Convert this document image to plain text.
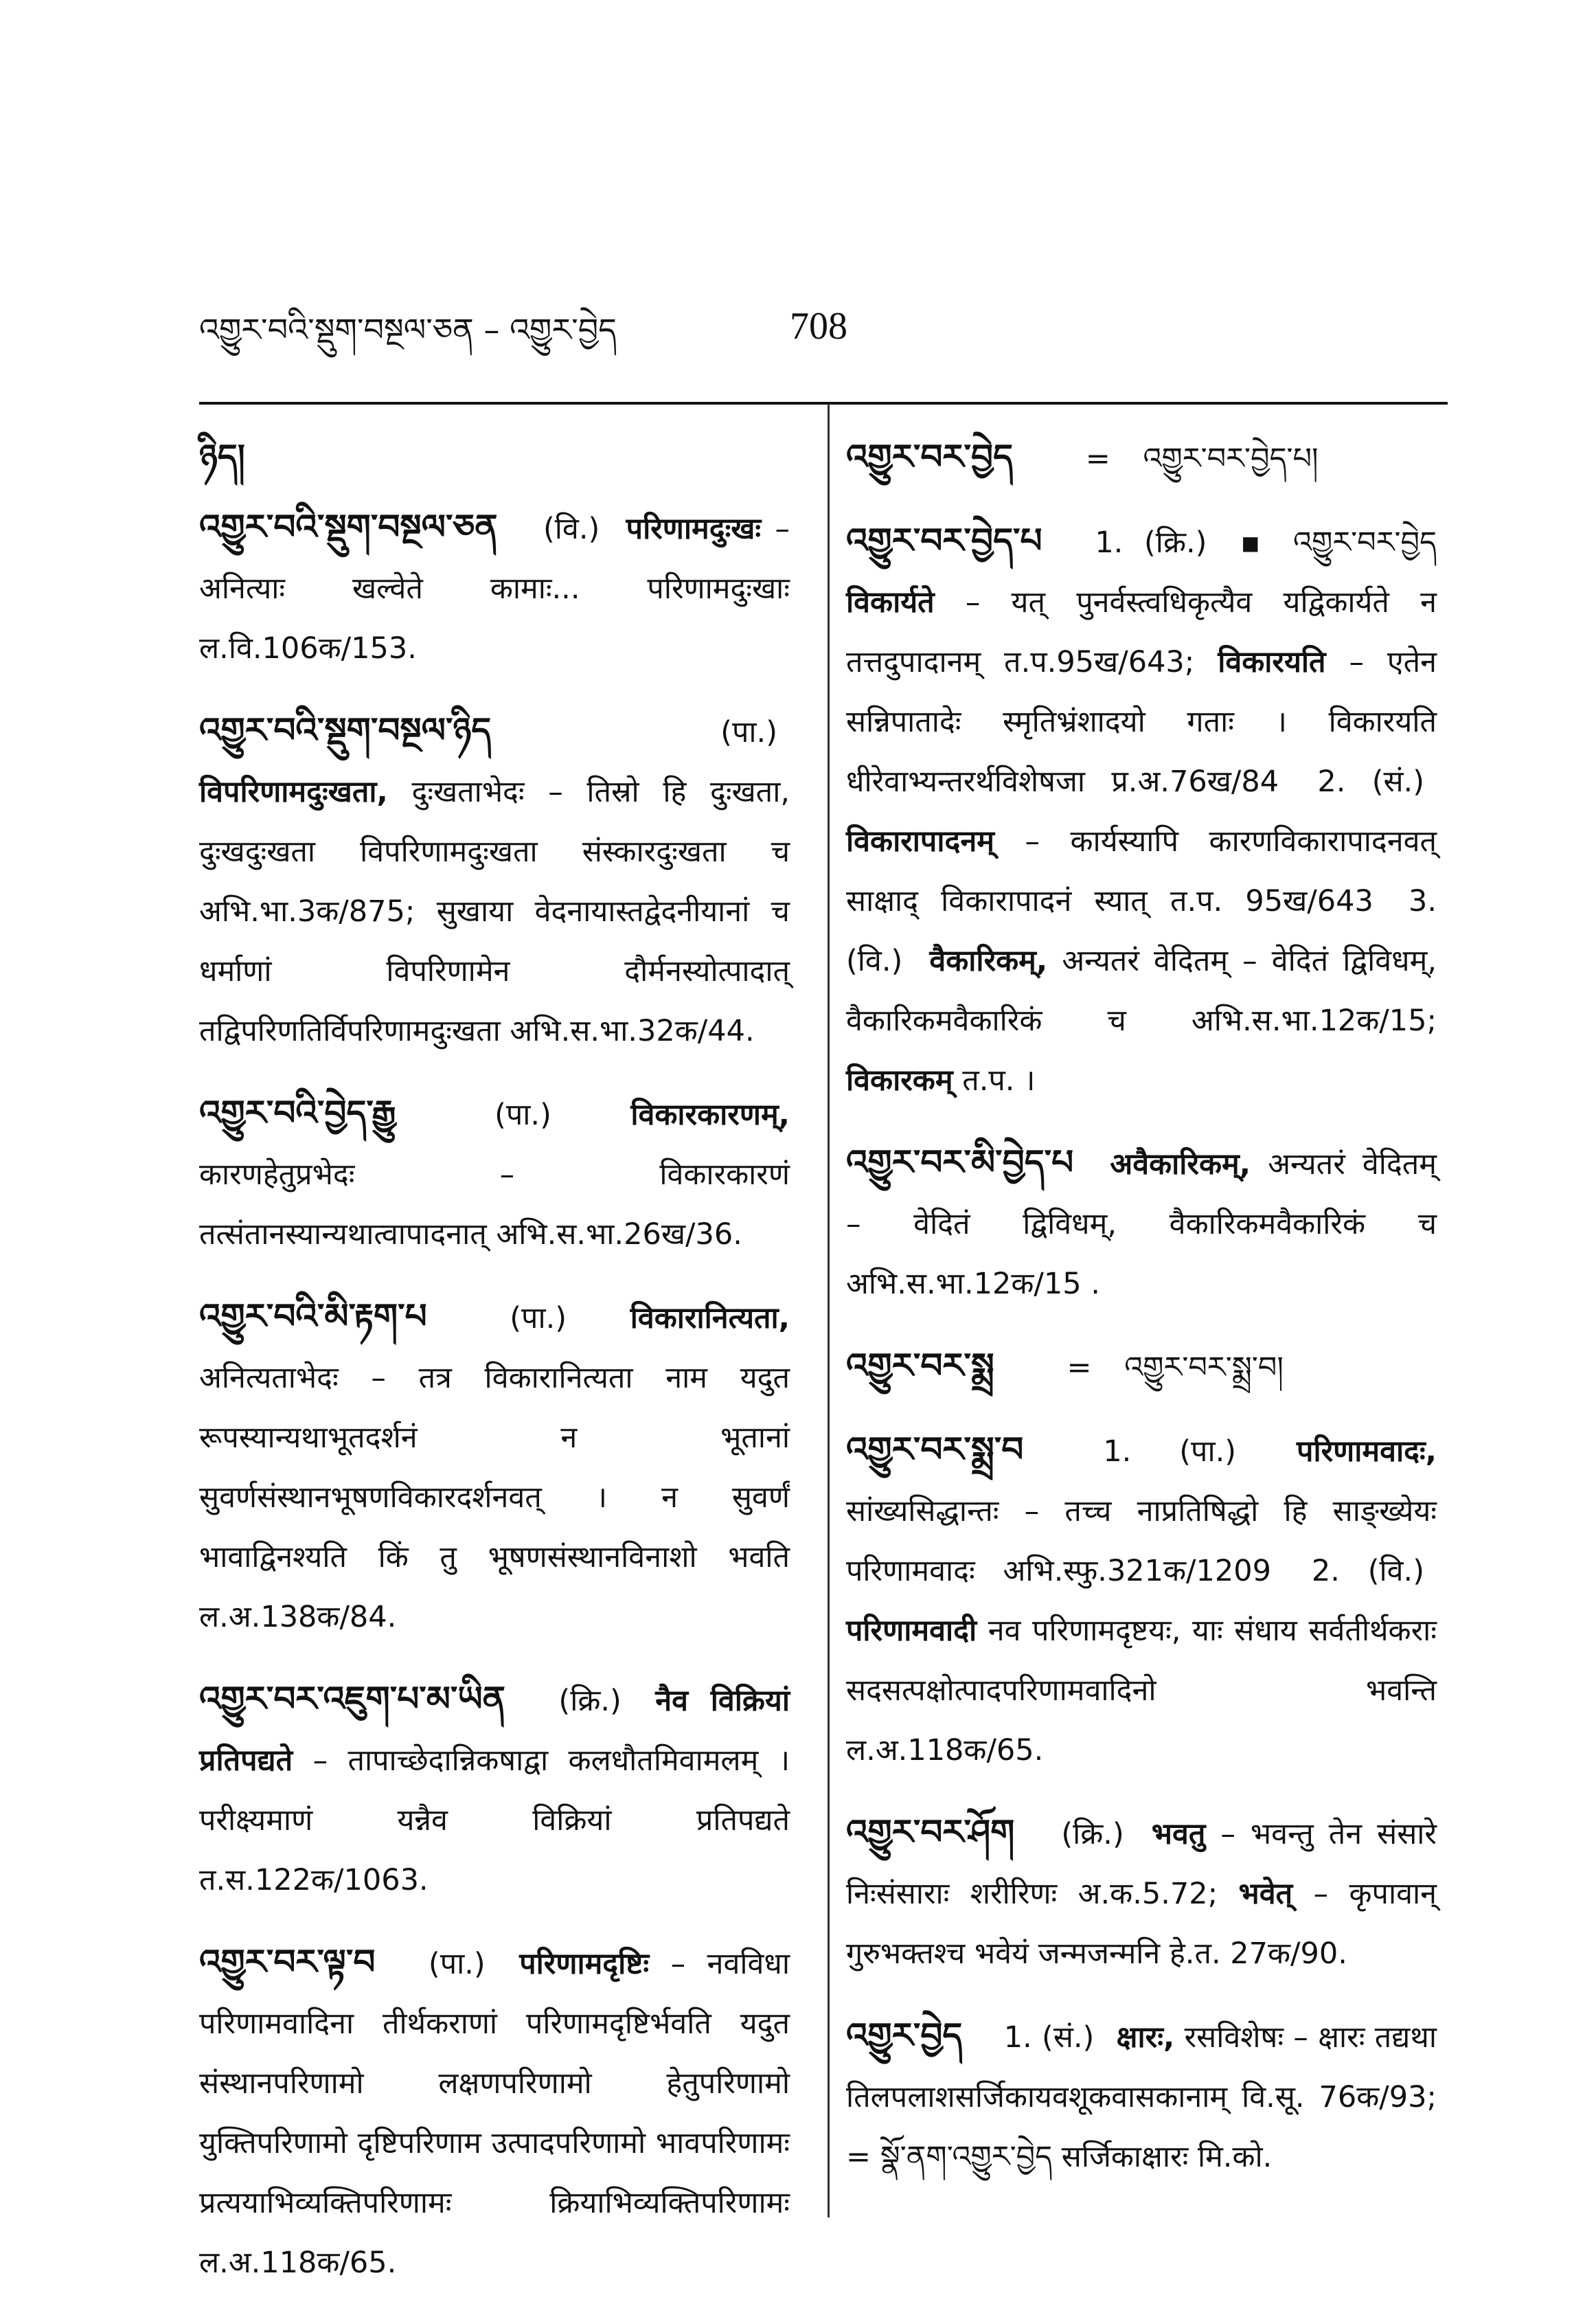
འགྱུར་བའི་སྡུག་བསྔལ་ཅན – འགྱུར་བྱེད	708
ཉིད།
འགྱུར་བའི་སྡུག་བསྔལ་ཅན (वि.) परिणामदुःखः – अनित्याः खल्वेते कामाः... परिणामदुःखाः ल.वि.106क/153.
འགྱུར་བའི་སྡུག་བསྔལ་ཉིད	(पा.) विपरिणामदुःखता, दुःखताभेदः – तिस्रो हि दुःखता, दुःखदुःखता विपरिणामदुःखता संस्कारदुःखता च अभि.भा.3क/875; सुखाया वेदनायास्तद्वेदनीयानां च धर्माणां विपरिणामेन दौर्मनस्योत्पादात् तद्विपरिणतिर्विपरिणामदुःखता अभि.स.भा.32क/44.
འགྱུར་བའི་བྱེད་རྒྱུ	(पा.)	विकारकारणम्, कारणहेतुप्रभेदः – विकारकारणं तत्संतानस्यान्यथात्वापादनात् अभि.स.भा.26ख/36.
འགྱུར་བའི་མི་རྟག་པ	(पा.) विकारानित्यता, अनित्यताभेदः – तत्र विकारानित्यता नाम यदुत रूपस्यान्यथाभूतदर्शनं न भूतानां सुवर्णसंस्थानभूषणविकारदर्शनवत् । न सुवर्णं भावाद्विनश्यति किं तु भूषणसंस्थानविनाशो भवति ल.अ.138क/84.
འགྱུར་བར་འཇུག་པ་མ་ཡིན (क्रि.) नैव विक्रियां प्रतिपद्यते – तापाच्छेदान्निकषाद्वा कलधौतमिवामलम् । परीक्ष्यमाणं यन्नैव विक्रियां प्रतिपद्यते त.स.122क/1063.
འགྱུར་བར་ལྟ་བ (पा.) परिणामदृष्टिः – नवविधा परिणामवादिना तीर्थकराणां परिणामदृष्टिर्भवति यदुत संस्थानपरिणामो लक्षणपरिणामो हेतुपरिणामो युक्तिपरिणामो दृष्टिपरिणाम उत्पादपरिणामो भावपरिणामः प्रत्ययाभिव्यक्तिपरिणामः क्रियाभिव्यक्तिपरिणामः ल.अ.118क/65.
འགྱུར་བར་བྱེད = འགྱུར་བར་བྱེད་པ།
འགྱུར་བར་བྱེད་པ 1. (क्रि.) ▪ འགྱུར་བར་བྱེད विकार्यते – यत् पुनर्वस्त्वधिकृत्यैव यद्विकार्यते न तत्तदुपादानम् त.प.95ख/643; विकारयति – एतेन सन्निपातादेः स्मृतिभ्रंशादयो गताः । विकारयति धीरेवाभ्यन्तरर्थविशेषजा प्र.अ.76ख/84 2. (सं.) विकारापादनम् – कार्यस्यापि कारणविकारापादनवत् साक्षाद् विकारापादनं स्यात् त.प. 95ख/643 3. (वि.) वैकारिकम्, अन्यतरं वेदितम् – वेदितं द्विविधम्, वैकारिकमवैकारिकं च अभि.स.भा.12क/15; विकारकम् त.प. ।
འགྱུར་བར་མི་བྱེད་པ अवैकारिकम्, अन्यतरं वेदितम् – वेदितं द्विविधम्, वैकारिकमवैकारिकं च अभि.स.भा.12क/15 .
འགྱུར་བར་སྨྲ = འགྱུར་བར་སྨྲ་བ།
འགྱུར་བར་སྨྲ་བ	1. (पा.) परिणामवादः, सांख्यसिद्धान्तः – तच्च नाप्रतिषिद्धो हि साङ्ख्येयः परिणामवादः अभि.स्फु.321क/1209 2. (वि.) परिणामवादी नव परिणामदृष्टयः, याः संधाय सर्वतीर्थकराः सदसत्पक्षोत्पादपरिणामवादिनो भवन्ति ल.अ.118क/65.
འགྱུར་བར་ཤོག (क्रि.) भवतु – भवन्तु तेन संसारे निःसंसाराः शरीरिणः अ.क.5.72; भवेत् – कृपावान् गुरुभक्तश्च भवेयं जन्मजन्मनि हे.त. 27क/90.
འགྱུར་བྱེད 1. (सं.) क्षारः, रसविशेषः – क्षारः तद्यथा तिलपलाशसर्जिकायवशूकवासकानाम् वि.सू. 76क/93; = སྣོ་ནག་འགྱུར་བྱེད सर्जिकाक्षारः मि.को.
